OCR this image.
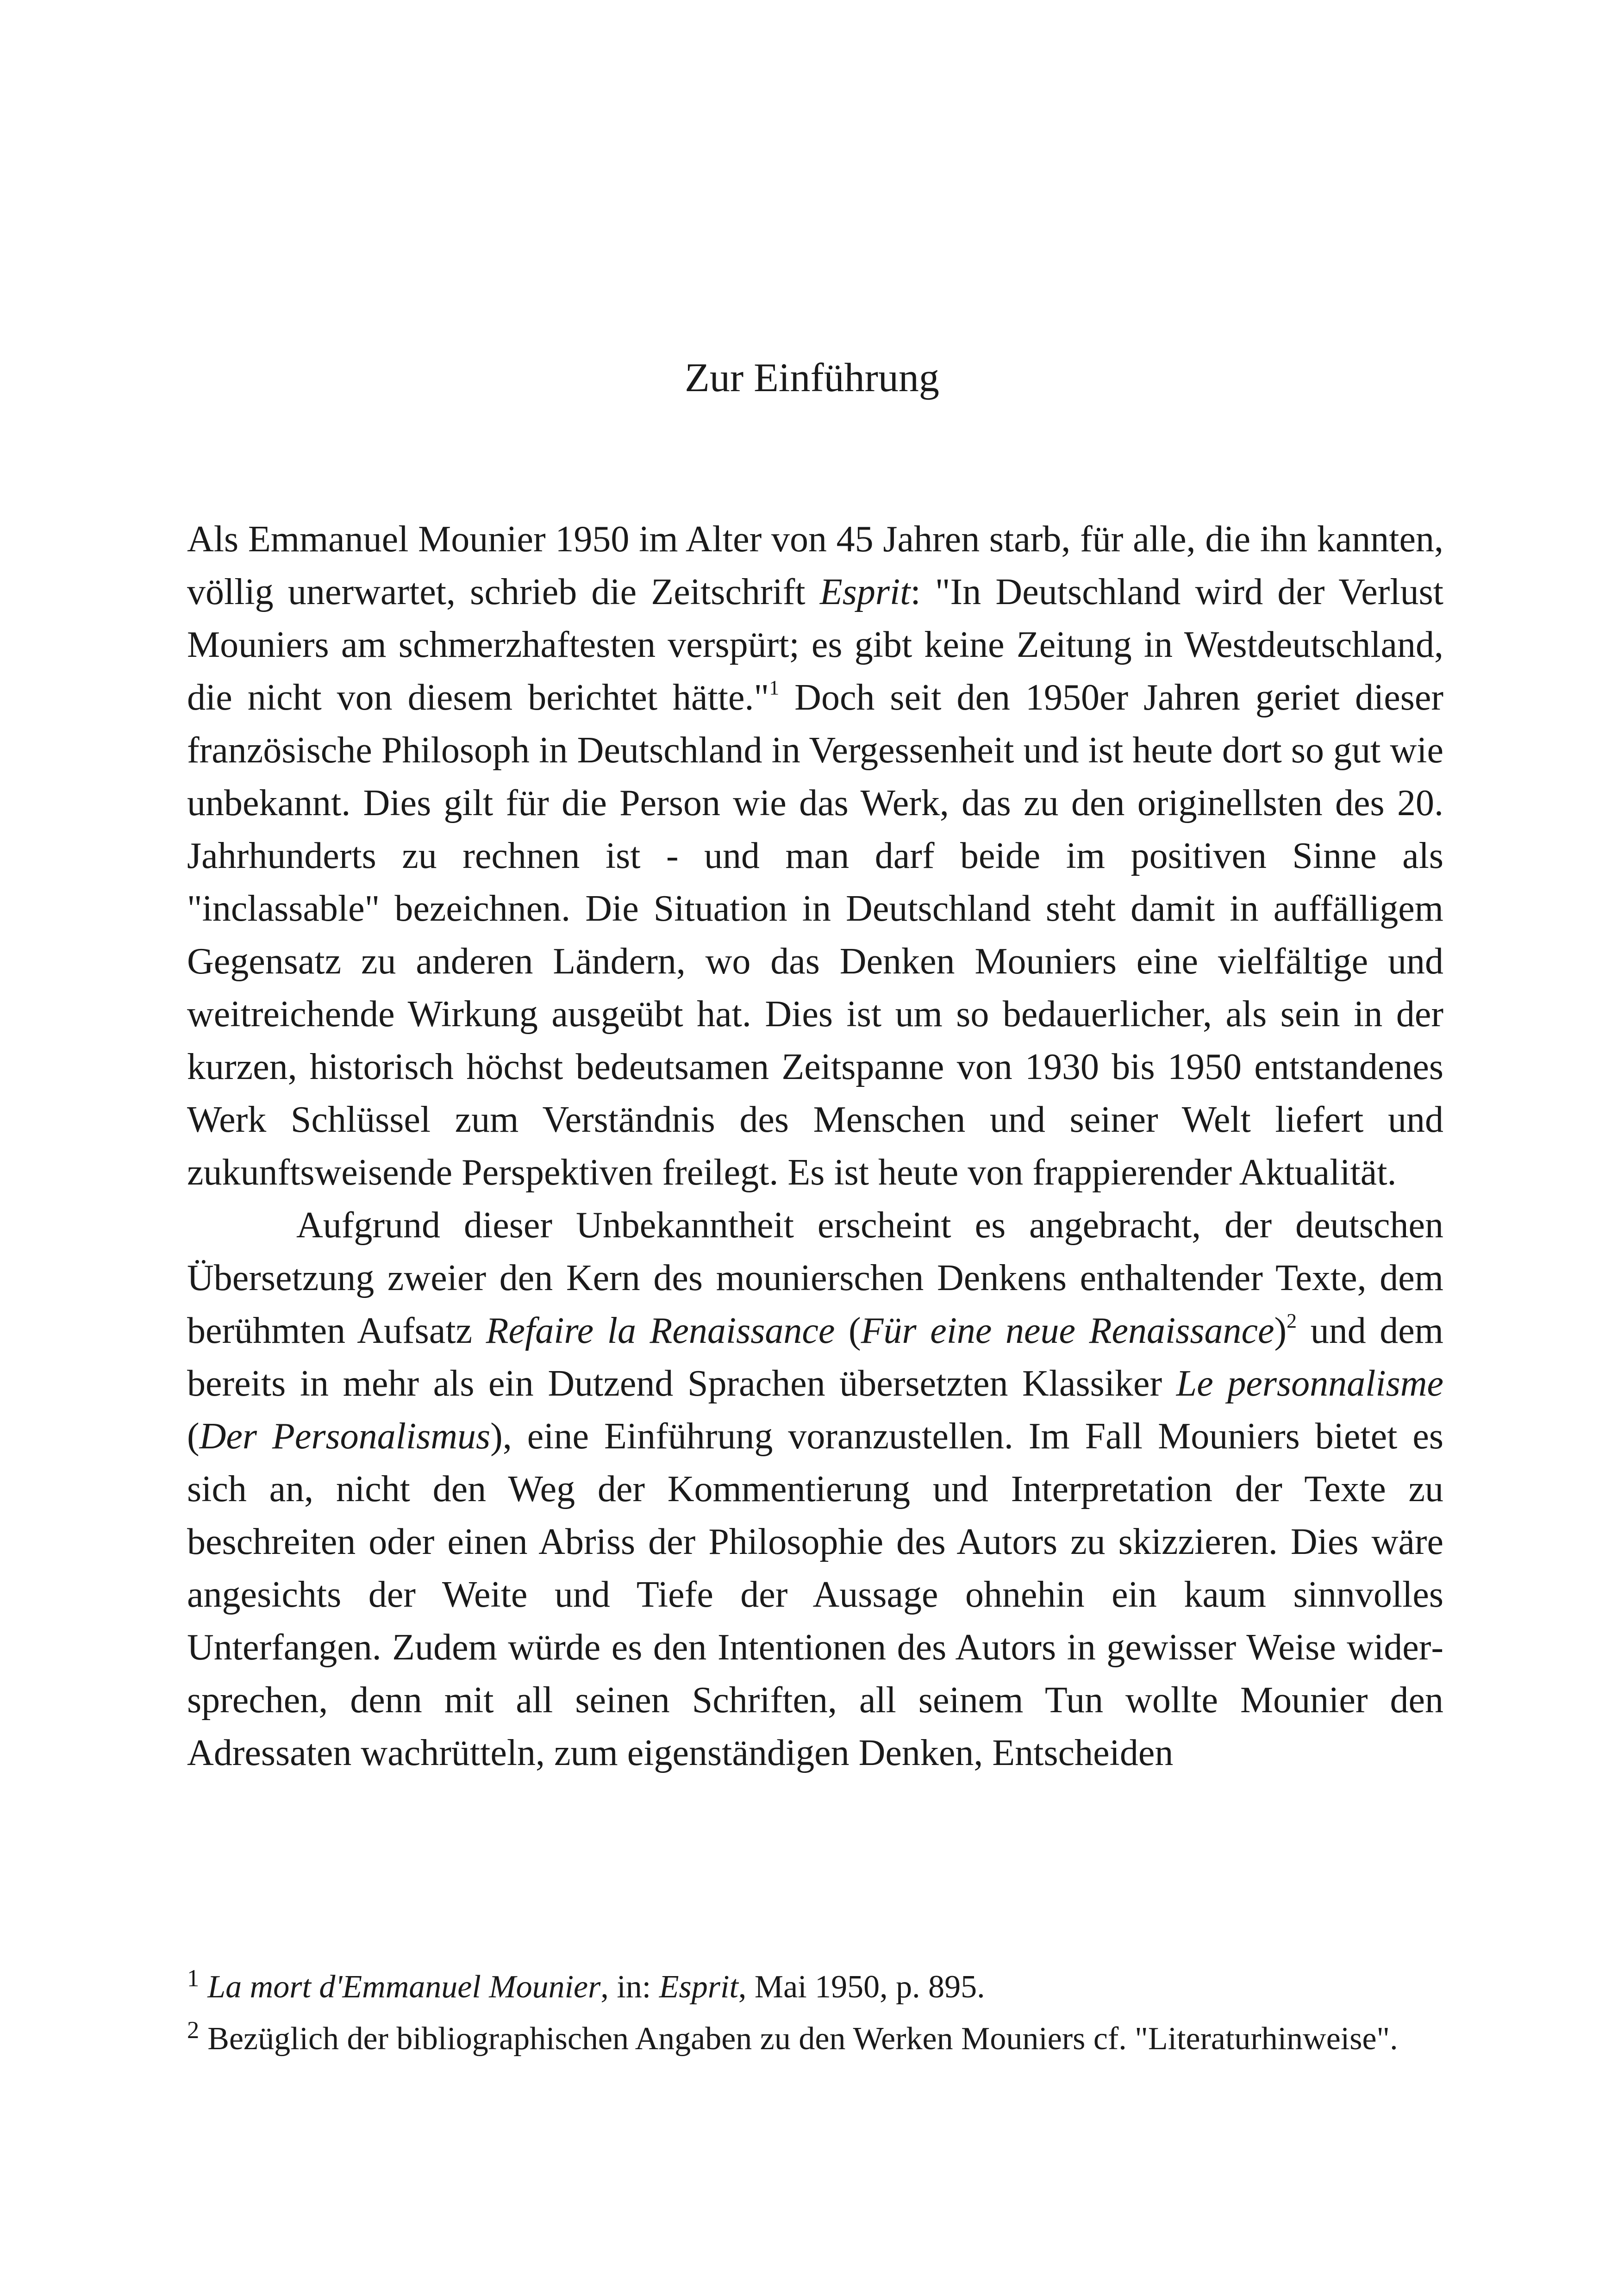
Zur Einführung

Als Emmanuel Mounier 1950 im Alter von 45 Jahren starb, für alle, die ihn kannten, völlig unerwartet, schrieb die Zeitschrift Esprit: "In Deutschland wird der Verlust Mouniers am schmerzhaftesten verspürt; es gibt keine Zeitung in Westdeutschland, die nicht von diesem berichtet hätte."$^1$ Doch seit den 1950er Jahren geriet dieser französische Philosoph in Deutschland in Vergessenheit und ist heute dort so gut wie unbekannt. Dies gilt für die Person wie das Werk, das zu den originellsten des 20. Jahrhunderts zu rechnen ist - und man darf beide im positiven Sinne als "inclassable" bezeichnen. Die Situation in Deutschland steht damit in auffälligem Gegensatz zu anderen Ländern, wo das Denken Mouniers eine vielfältige und weitreichende Wirkung ausgeübt hat. Dies ist um so bedauerlicher, als sein in der kurzen, historisch höchst bedeutsamen Zeitspanne von 1930 bis 1950 entstandenes Werk Schlüssel zum Verständnis des Menschen und seiner Welt liefert und zukunftsweisende Perspektiven freilegt. Es ist heute von frappierender Aktualität.

Aufgrund dieser Unbekanntheit erscheint es angebracht, der deutschen Übersetzung zweier den Kern des mounierschen Denkens enthaltender Texte, dem berühmten Aufsatz Refaire la Renaissance (Für eine neue Renaissance)$^2$ und dem bereits in mehr als ein Dutzend Sprachen übersetzten Klassiker Le personnalisme (Der Personalismus), eine Einführung voranzustellen. Im Fall Mouniers bietet es sich an, nicht den Weg der Kommentierung und Interpretation der Texte zu beschreiten oder einen Abriss der Philosophie des Autors zu skizzieren. Dies wäre angesichts der Weite und Tiefe der Aussage ohnehin ein kaum sinnvolles Unterfangen. Zudem würde es den Intentionen des Autors in gewisser Weise widersprechen, denn mit all seinen Schriften, all seinem Tun wollte Mounier den Adressaten wachrütteln, zum eigenständigen Denken, Entscheiden

$^1$ La mort d'Emmanuel Mounier, in: Esprit, Mai 1950, p. 895.

$^2$ Bezüglich der bibliographischen Angaben zu den Werken Mouniers cf. "Literaturhinweise".
